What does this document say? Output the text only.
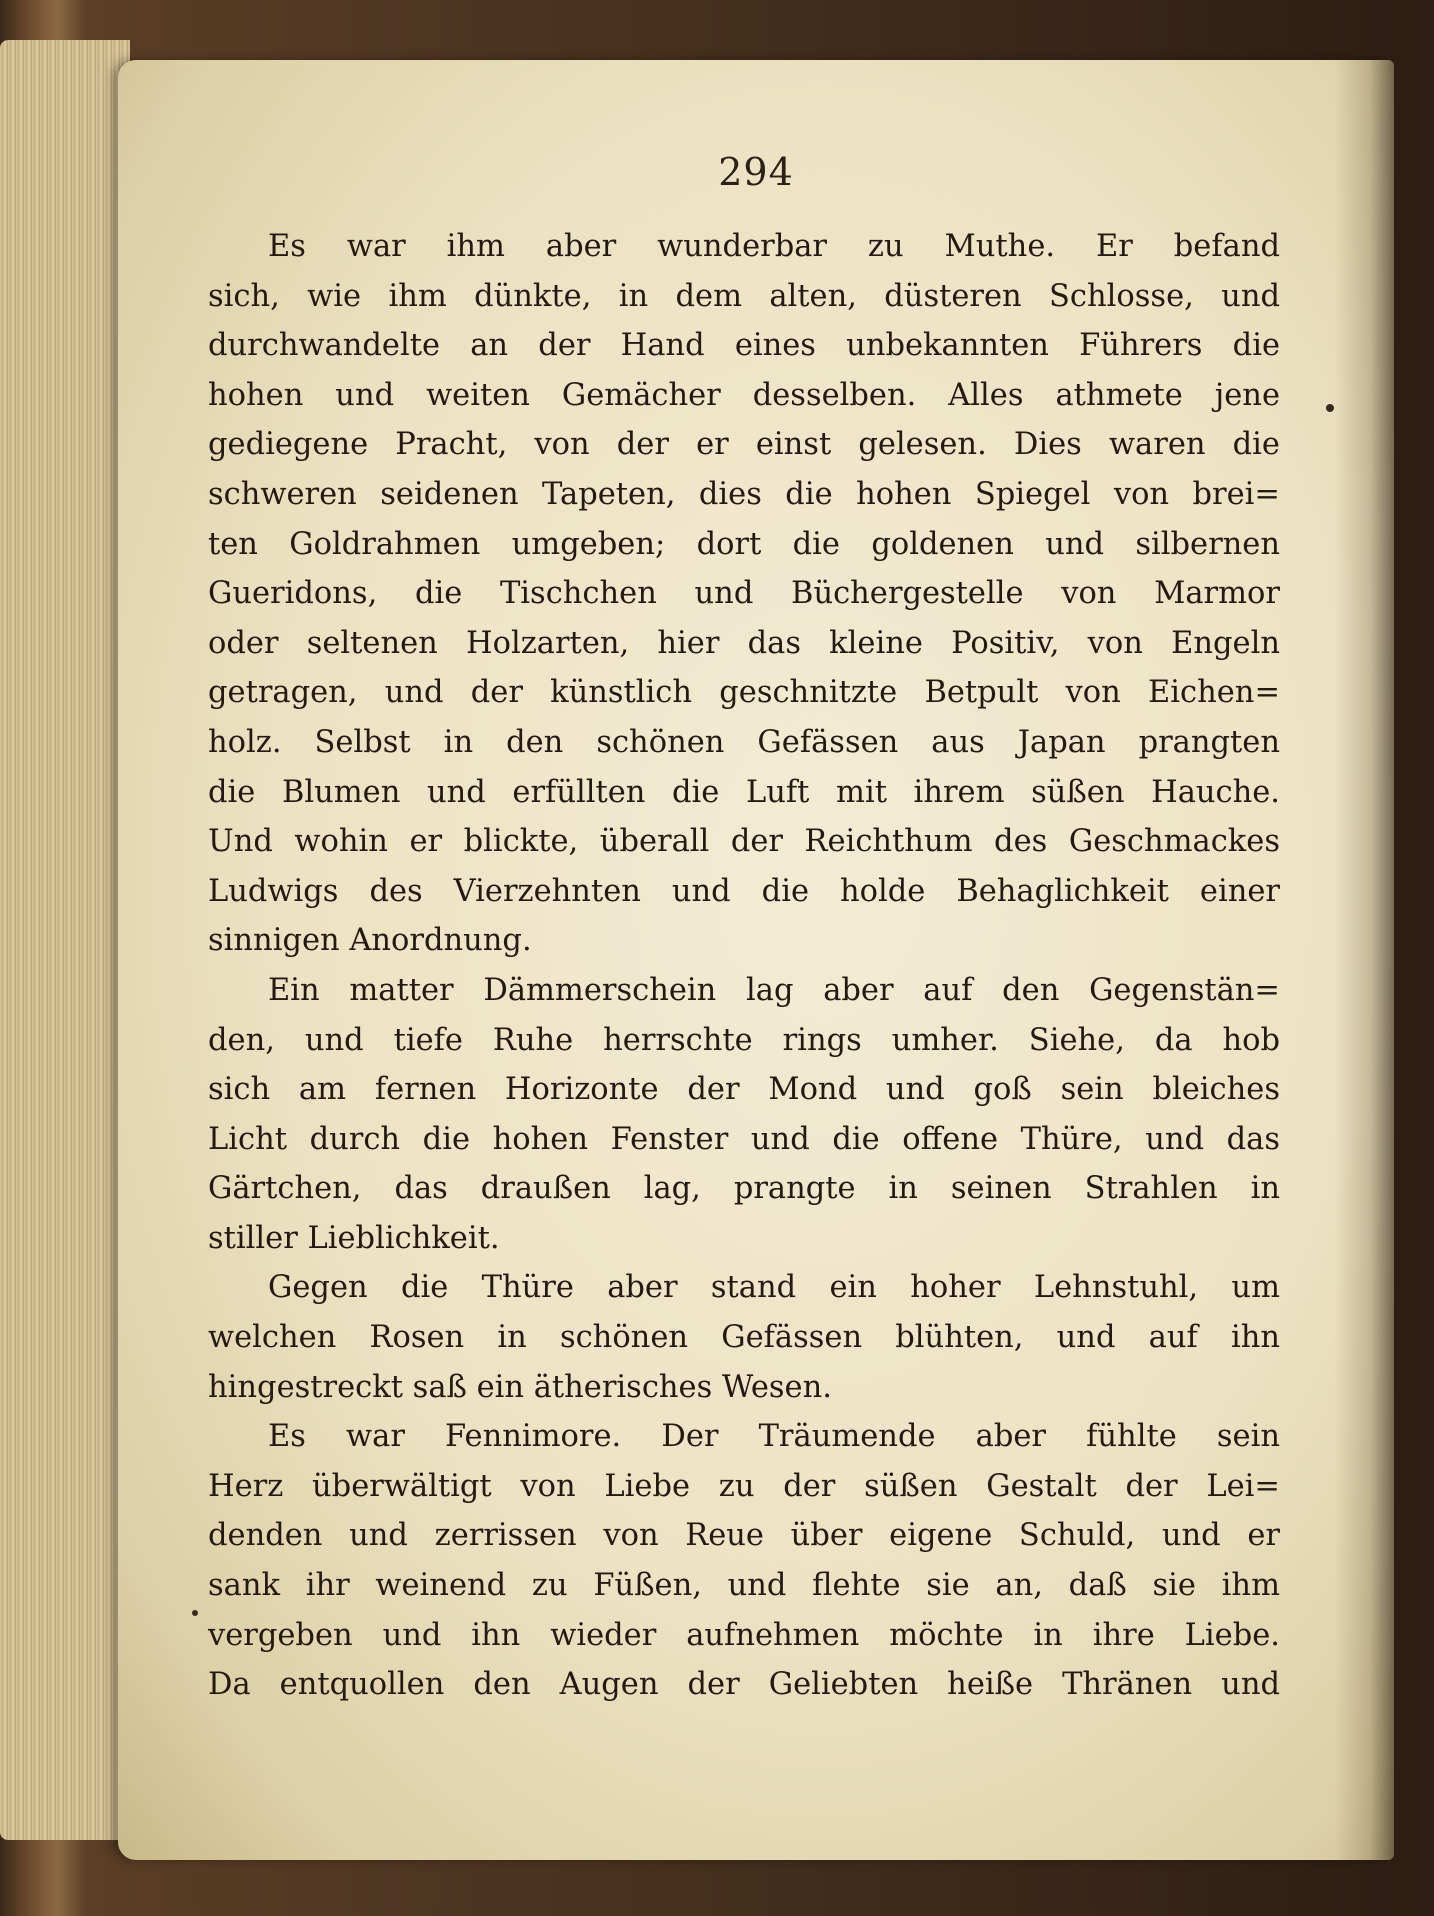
294
Es war ihm aber wunderbar zu Muthe. Er befand
sich, wie ihm dünkte, in dem alten, düsteren Schlosse, und
durchwandelte an der Hand eines unbekannten Führers die
hohen und weiten Gemächer desselben. Alles athmete jene
gediegene Pracht, von der er einst gelesen. Dies waren die
schweren seidenen Tapeten, dies die hohen Spiegel von brei=
ten Goldrahmen umgeben; dort die goldenen und silbernen
Gueridons, die Tischchen und Büchergestelle von Marmor
oder seltenen Holzarten, hier das kleine Positiv, von Engeln
getragen, und der künstlich geschnitzte Betpult von Eichen=
holz. Selbst in den schönen Gefässen aus Japan prangten
die Blumen und erfüllten die Luft mit ihrem süßen Hauche.
Und wohin er blickte, überall der Reichthum des Geschmackes
Ludwigs des Vierzehnten und die holde Behaglichkeit einer
sinnigen Anordnung.
Ein matter Dämmerschein lag aber auf den Gegenstän=
den, und tiefe Ruhe herrschte rings umher. Siehe, da hob
sich am fernen Horizonte der Mond und goß sein bleiches
Licht durch die hohen Fenster und die offene Thüre, und das
Gärtchen, das draußen lag, prangte in seinen Strahlen in
stiller Lieblichkeit.
Gegen die Thüre aber stand ein hoher Lehnstuhl, um
welchen Rosen in schönen Gefässen blühten, und auf ihn
hingestreckt saß ein ätherisches Wesen.
Es war Fennimore. Der Träumende aber fühlte sein
Herz überwältigt von Liebe zu der süßen Gestalt der Lei=
denden und zerrissen von Reue über eigene Schuld, und er
sank ihr weinend zu Füßen, und flehte sie an, daß sie ihm
vergeben und ihn wieder aufnehmen möchte in ihre Liebe.
Da entquollen den Augen der Geliebten heiße Thränen und
